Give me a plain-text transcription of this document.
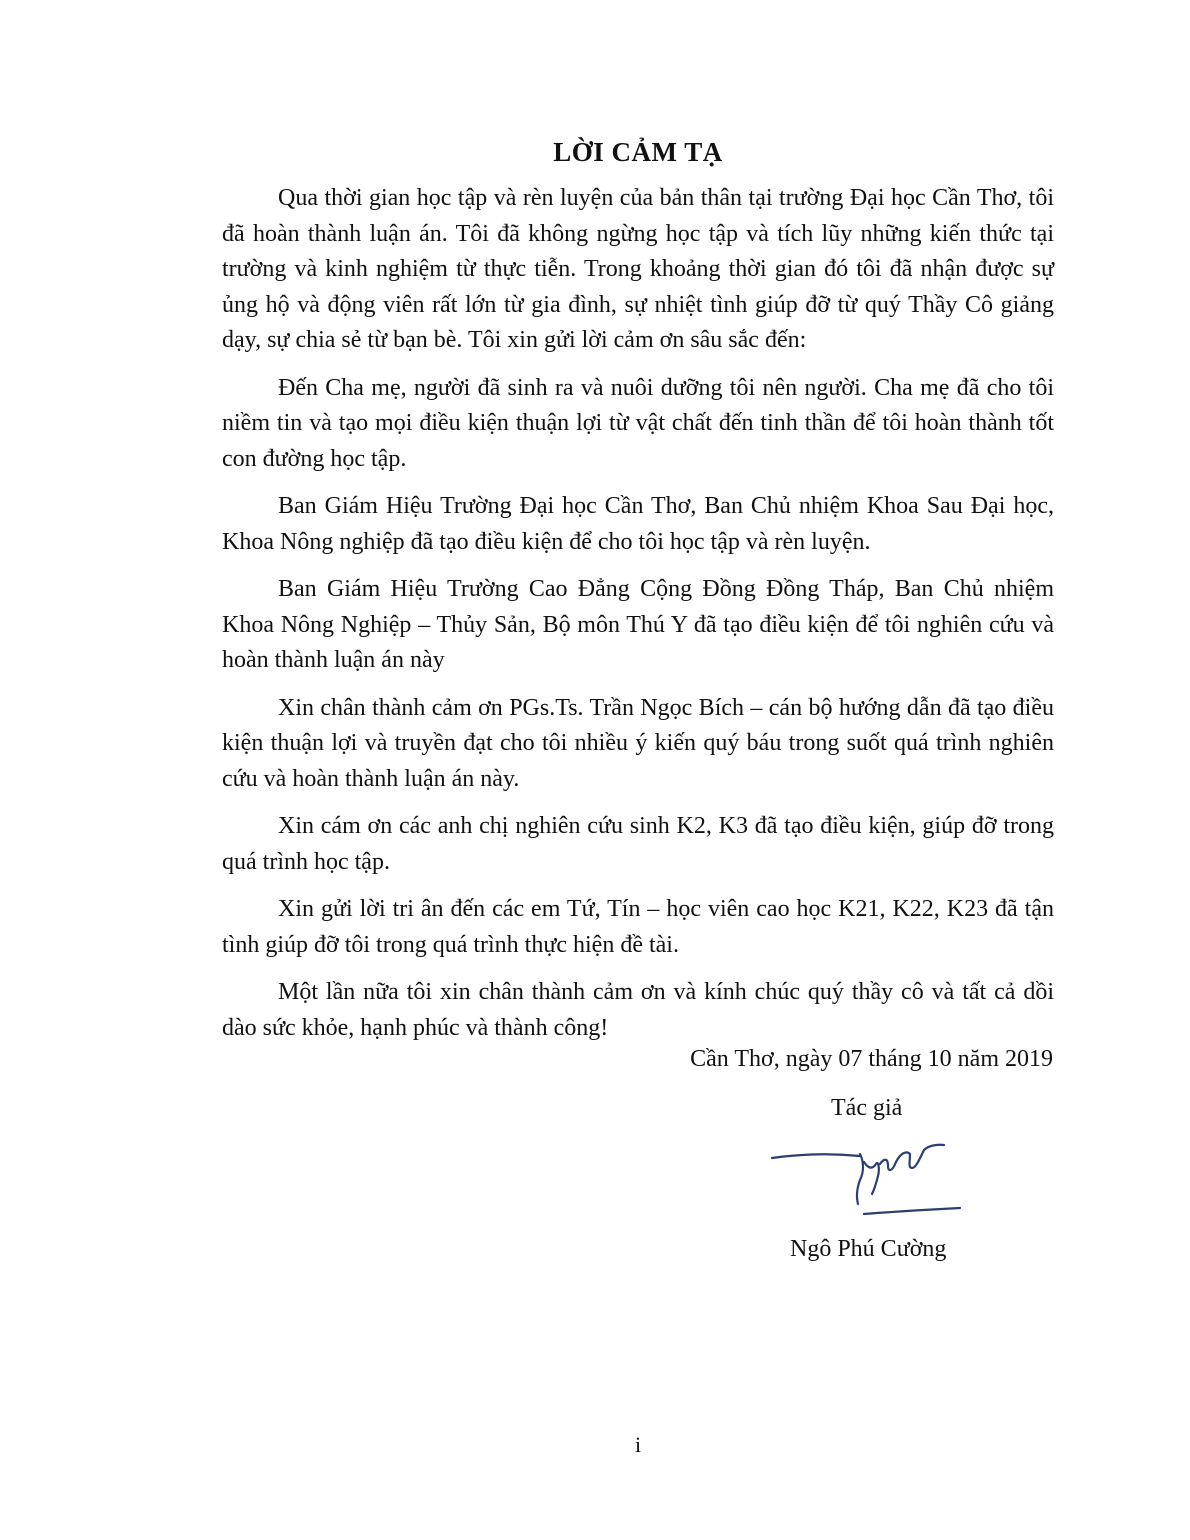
LỜI CẢM TẠ

Qua thời gian học tập và rèn luyện của bản thân tại trường Đại học Cần Thơ, tôi đã hoàn thành luận án. Tôi đã không ngừng học tập và tích lũy những kiến thức tại trường và kinh nghiệm từ thực tiễn. Trong khoảng thời gian đó tôi đã nhận được sự ủng hộ và động viên rất lớn từ gia đình, sự nhiệt tình giúp đỡ từ quý Thầy Cô giảng dạy, sự chia sẻ từ bạn bè. Tôi xin gửi lời cảm ơn sâu sắc đến:

Đến Cha mẹ, người đã sinh ra và nuôi dưỡng tôi nên người. Cha mẹ đã cho tôi niềm tin và tạo mọi điều kiện thuận lợi từ vật chất đến tinh thần để tôi hoàn thành tốt con đường học tập.

Ban Giám Hiệu Trường Đại học Cần Thơ, Ban Chủ nhiệm Khoa Sau Đại học, Khoa Nông nghiệp đã tạo điều kiện để cho tôi học tập và rèn luyện.

Ban Giám Hiệu Trường Cao Đẳng Cộng Đồng Đồng Tháp, Ban Chủ nhiệm Khoa Nông Nghiệp – Thủy Sản, Bộ môn Thú Y đã tạo điều kiện để tôi nghiên cứu và hoàn thành luận án này

Xin chân thành cảm ơn PGs.Ts. Trần Ngọc Bích – cán bộ hướng dẫn đã tạo điều kiện thuận lợi và truyền đạt cho tôi nhiều ý kiến quý báu trong suốt quá trình nghiên cứu và hoàn thành luận án này.

Xin cám ơn các anh chị nghiên cứu sinh K2, K3 đã tạo điều kiện, giúp đỡ trong quá trình học tập.

Xin gửi lời tri ân đến các em Tứ, Tín – học viên cao học K21, K22, K23 đã tận tình giúp đỡ tôi trong quá trình thực hiện đề tài.

Một lần nữa tôi xin chân thành cảm ơn và kính chúc quý thầy cô và tất cả dồi dào sức khỏe, hạnh phúc và thành công!

Cần Thơ, ngày 07 tháng 10 năm 2019
Tác giả
Ngô Phú Cường
i
